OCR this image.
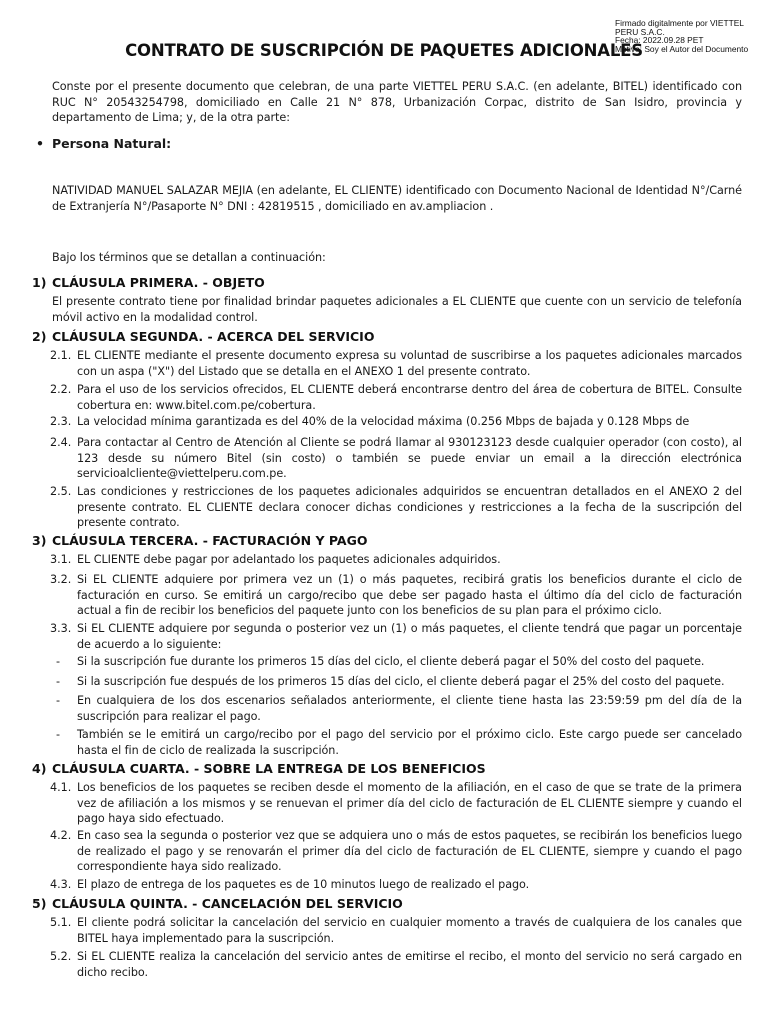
Firmado digitalmente por VIETTEL
PERU S.A.C.
Fecha: 2022.09.28 PET
Motivo: Soy el Autor del Documento
CONTRATO DE SUSCRIPCIÓN DE PAQUETES ADICIONALES
Conste por el presente documento que celebran, de una parte VIETTEL PERU S.A.C. (en adelante, BITEL) identificado con RUC N° 20543254798, domiciliado en Calle 21 N° 878, Urbanización Corpac, distrito de San Isidro, provincia y departamento de Lima; y, de la otra parte:
• Persona Natural:
NATIVIDAD MANUEL SALAZAR MEJIA (en adelante, EL CLIENTE) identificado con Documento Nacional de Identidad N°/Carné de Extranjería N°/Pasaporte N° DNI : 42819515 , domiciliado en av.ampliacion .
Bajo los términos que se detallan a continuación:
1) CLÁUSULA PRIMERA. - OBJETO
El presente contrato tiene por finalidad brindar paquetes adicionales a EL CLIENTE que cuente con un servicio de telefonía móvil activo en la modalidad control.
2) CLÁUSULA SEGUNDA. - ACERCA DEL SERVICIO
2.1. EL CLIENTE mediante el presente documento expresa su voluntad de suscribirse a los paquetes adicionales marcados con un aspa ("X") del Listado que se detalla en el ANEXO 1 del presente contrato.
2.2. Para el uso de los servicios ofrecidos, EL CLIENTE deberá encontrarse dentro del área de cobertura de BITEL. Consulte cobertura en: www.bitel.com.pe/cobertura.
2.3. La velocidad mínima garantizada es del 40% de la velocidad máxima (0.256 Mbps de bajada y 0.128 Mbps de
2.4. Para contactar al Centro de Atención al Cliente se podrá llamar al 930123123 desde cualquier operador (con costo), al 123 desde su número Bitel (sin costo) o también se puede enviar un email a la dirección electrónica servicioalcliente@viettelperu.com.pe.
2.5. Las condiciones y restricciones de los paquetes adicionales adquiridos se encuentran detallados en el ANEXO 2 del presente contrato. EL CLIENTE declara conocer dichas condiciones y restricciones a la fecha de la suscripción del presente contrato.
3) CLÁUSULA TERCERA. - FACTURACIÓN Y PAGO
3.1. EL CLIENTE debe pagar por adelantado los paquetes adicionales adquiridos.
3.2. Si EL CLIENTE adquiere por primera vez un (1) o más paquetes, recibirá gratis los beneficios durante el ciclo de facturación en curso. Se emitirá un cargo/recibo que debe ser pagado hasta el último día del ciclo de facturación actual a fin de recibir los beneficios del paquete junto con los beneficios de su plan para el próximo ciclo.
3.3. Si EL CLIENTE adquiere por segunda o posterior vez un (1) o más paquetes, el cliente tendrá que pagar un porcentaje de acuerdo a lo siguiente:
-	Si la suscripción fue durante los primeros 15 días del ciclo, el cliente deberá pagar el 50% del costo del paquete.
-	Si la suscripción fue después de los primeros 15 días del ciclo, el cliente deberá pagar el 25% del costo del paquete.
-	En cualquiera de los dos escenarios señalados anteriormente, el cliente tiene hasta las 23:59:59 pm del día de la suscripción para realizar el pago.
-	También se le emitirá un cargo/recibo por el pago del servicio por el próximo ciclo. Este cargo puede ser cancelado hasta el fin de ciclo de realizada la suscripción.
4) CLÁUSULA CUARTA. - SOBRE LA ENTREGA DE LOS BENEFICIOS
4.1. Los beneficios de los paquetes se reciben desde el momento de la afiliación, en el caso de que se trate de la primera vez de afiliación a los mismos y se renuevan el primer día del ciclo de facturación de EL CLIENTE siempre y cuando el pago haya sido efectuado.
4.2. En caso sea la segunda o posterior vez que se adquiera uno o más de estos paquetes, se recibirán los beneficios luego de realizado el pago y se renovarán el primer día del ciclo de facturación de EL CLIENTE, siempre y cuando el pago correspondiente haya sido realizado.
4.3. El plazo de entrega de los paquetes es de 10 minutos luego de realizado el pago.
5) CLÁUSULA QUINTA. - CANCELACIÓN DEL SERVICIO
5.1. El cliente podrá solicitar la cancelación del servicio en cualquier momento a través de cualquiera de los canales que BITEL haya implementado para la suscripción.
5.2. Si EL CLIENTE realiza la cancelación del servicio antes de emitirse el recibo, el monto del servicio no será cargado en dicho recibo.
